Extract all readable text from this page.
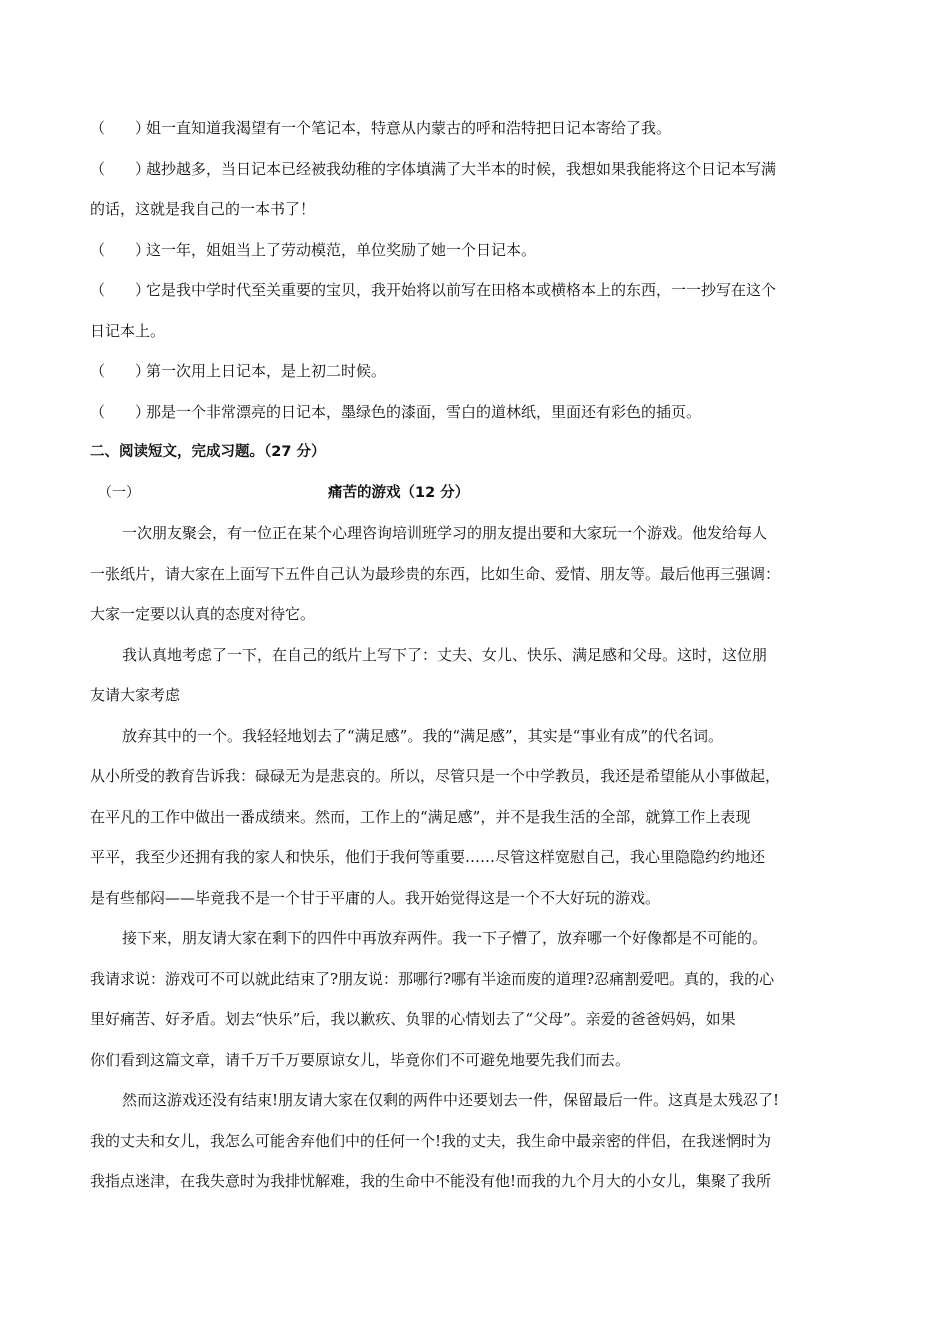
（　　）姐一直知道我渴望有一个笔记本，特意从内蒙古的呼和浩特把日记本寄给了我。
（　　）越抄越多，当日记本已经被我幼稚的字体填满了大半本的时候，我想如果我能将这个日记本写满
的话，这就是我自己的一本书了！
（　　）这一年，姐姐当上了劳动模范，单位奖励了她一个日记本。
（　　）它是我中学时代至关重要的宝贝，我开始将以前写在田格本或横格本上的东西，一一抄写在这个
日记本上。
（　　）第一次用上日记本，是上初二时候。
（　　）那是一个非常漂亮的日记本，墨绿色的漆面，雪白的道林纸，里面还有彩色的插页。
二、阅读短文，完成习题。（27 分）
（一）	痛苦的游戏（12 分）
一次朋友聚会，有一位正在某个心理咨询培训班学习的朋友提出要和大家玩一个游戏。他发给每人
一张纸片，请大家在上面写下五件自己认为最珍贵的东西，比如生命、爱情、朋友等。最后他再三强调：
大家一定要以认真的态度对待它。
我认真地考虑了一下，在自己的纸片上写下了：丈夫、女儿、快乐、满足感和父母。这时，这位朋
友请大家考虑
放弃其中的一个。我轻轻地划去了“满足感”。我的“满足感”，其实是“事业有成”的代名词。
从小所受的教育告诉我：碌碌无为是悲哀的。所以，尽管只是一个中学教员，我还是希望能从小事做起，
在平凡的工作中做出一番成绩来。然而，工作上的“满足感”，并不是我生活的全部，就算工作上表现
平平，我至少还拥有我的家人和快乐，他们于我何等重要……尽管这样宽慰自己，我心里隐隐约约地还
是有些郁闷——毕竟我不是一个甘于平庸的人。我开始觉得这是一个不大好玩的游戏。
接下来，朋友请大家在剩下的四件中再放弃两件。我一下子懵了，放弃哪一个好像都是不可能的。
我请求说：游戏可不可以就此结束了?朋友说：那哪行?哪有半途而废的道理?忍痛割爱吧。真的，我的心
里好痛苦、好矛盾。划去“快乐”后，我以歉疚、负罪的心情划去了“父母”。亲爱的爸爸妈妈，如果
你们看到这篇文章，请千万千万要原谅女儿，毕竟你们不可避免地要先我们而去。
然而这游戏还没有结束!朋友请大家在仅剩的两件中还要划去一件，保留最后一件。这真是太残忍了!
我的丈夫和女儿，我怎么可能舍弃他们中的任何一个!我的丈夫，我生命中最亲密的伴侣，在我迷惘时为
我指点迷津，在我失意时为我排忧解难，我的生命中不能没有他!而我的九个月大的小女儿，集聚了我所
